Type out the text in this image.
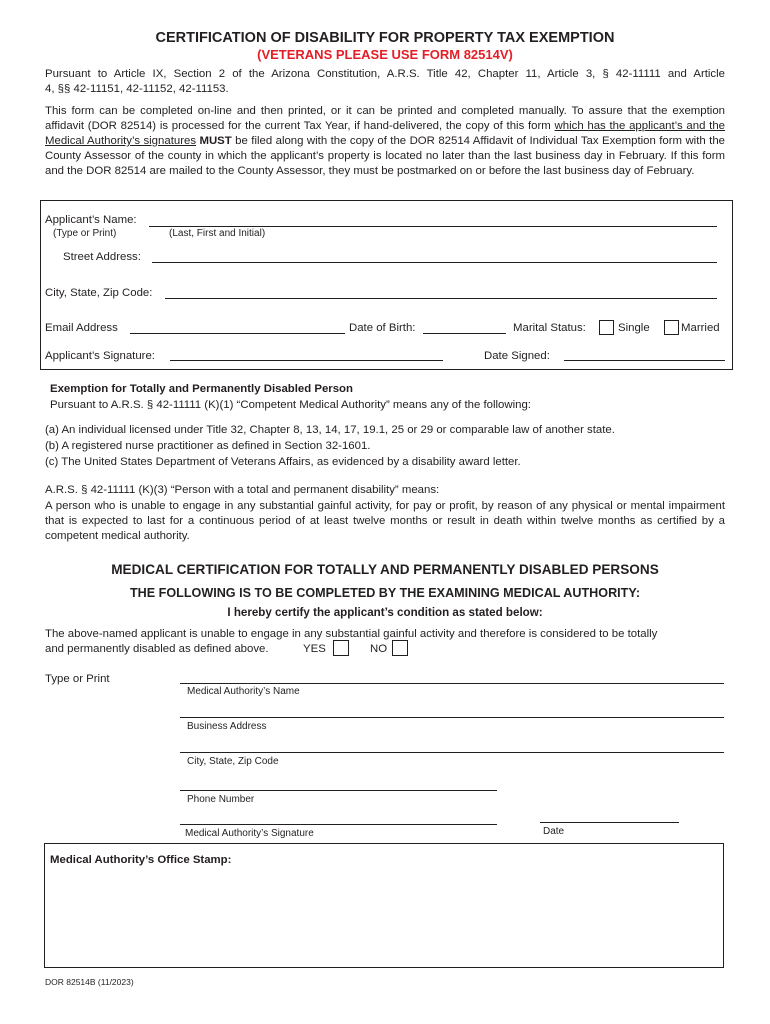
CERTIFICATION OF DISABILITY FOR PROPERTY TAX EXEMPTION
(VETERANS PLEASE USE FORM 82514V)
Pursuant to Article IX, Section 2 of the Arizona Constitution, A.R.S. Title 42, Chapter 11, Article 3, § 42-11111 and Article
4, §§ 42-11151, 42-11152, 42-11153.
This form can be completed on-line and then printed, or it can be printed and completed manually. To assure that the exemption affidavit (DOR 82514) is processed for the current Tax Year, if hand-delivered, the copy of this form which has the applicant’s and the Medical Authority’s signatures MUST be filed along with the copy of the DOR 82514 Affidavit of Individual Tax Exemption form with the County Assessor of the county in which the applicant’s property is located no later than the last business day in February. If this form and the DOR 82514 are mailed to the County Assessor, they must be postmarked on or before the last business day of February.
Applicant’s Name:
(Type or Print)	(Last, First and Initial)
Street Address:
City, State, Zip Code:
Email Address	Date of Birth:	Marital Status:	Single	Married
Applicant’s Signature:	Date Signed:
Exemption for Totally and Permanently Disabled Person
Pursuant to A.R.S. § 42-11111 (K)(1) “Competent Medical Authority” means any of the following:
(a) An individual licensed under Title 32, Chapter 8, 13, 14, 17, 19.1, 25 or 29 or comparable law of another state.
(b) A registered nurse practitioner as defined in Section 32-1601.
(c) The United States Department of Veterans Affairs, as evidenced by a disability award letter.
A.R.S. § 42-11111 (K)(3) “Person with a total and permanent disability” means:
A person who is unable to engage in any substantial gainful activity, for pay or profit, by reason of any physical or mental impairment that is expected to last for a continuous period of at least twelve months or result in death within twelve months as certified by a competent medical authority.
MEDICAL CERTIFICATION FOR TOTALLY AND PERMANENTLY DISABLED PERSONS
THE FOLLOWING IS TO BE COMPLETED BY THE EXAMINING MEDICAL AUTHORITY:
I hereby certify the applicant’s condition as stated below:
The above-named applicant is unable to engage in any substantial gainful activity and therefore is considered to be totally
and permanently disabled as defined above.	YES	NO
Type or Print
Medical Authority’s Name
Business Address
City, State, Zip Code
Phone Number
Medical Authority’s Signature	Date
Medical Authority’s Office Stamp:
DOR 82514B (11/2023)
